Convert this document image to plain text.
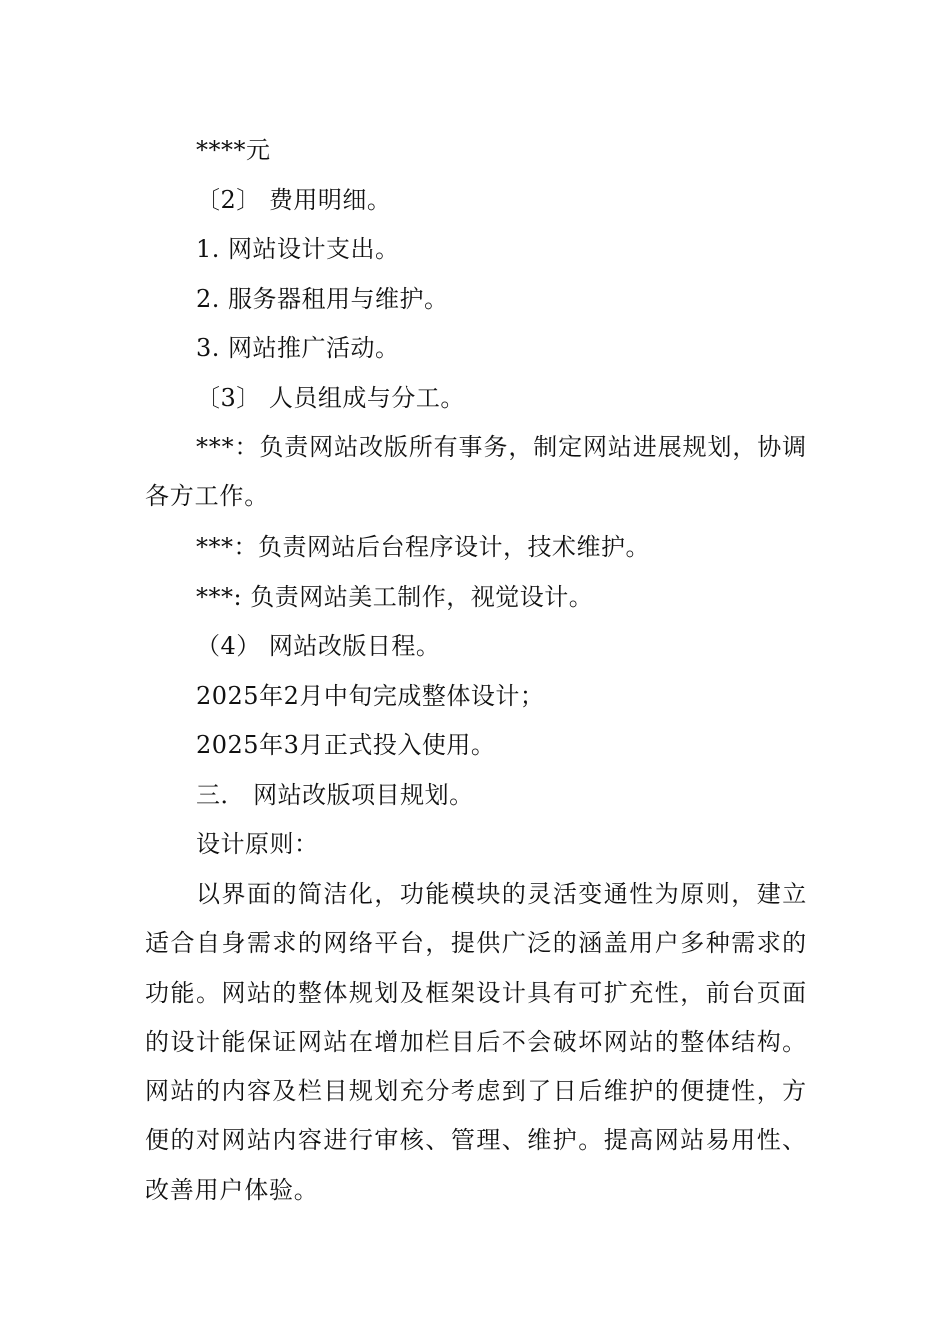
****元
〔2〕 费用明细。
1. 网站设计支出。
2. 服务器租用与维护。
3. 网站推广活动。
〔3〕 人员组成与分工。
***：负责网站改版所有事务，制定网站进展规划，协调各方工作。
***：负责网站后台程序设计，技术维护。
***: 负责网站美工制作，视觉设计。
（4） 网站改版日程。
2025年2月中旬完成整体设计；
2025年3月正式投入使用。
三． 网站改版项目规划。
设计原则：
以界面的简洁化，功能模块的灵活变通性为原则，建立适合自身需求的网络平台，提供广泛的涵盖用户多种需求的功能。网站的整体规划及框架设计具有可扩充性，前台页面的设计能保证网站在增加栏目后不会破坏网站的整体结构。网站的内容及栏目规划充分考虑到了日后维护的便捷性，方便的对网站内容进行审核、管理、维护。提高网站易用性、改善用户体验。
